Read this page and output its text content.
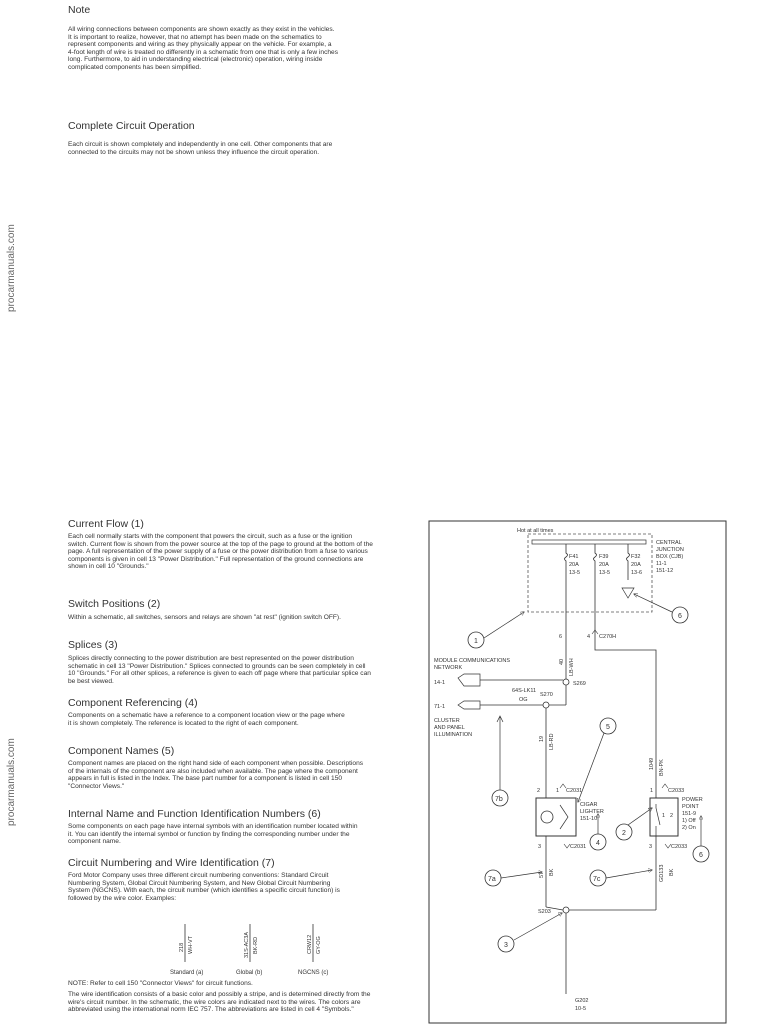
procarmanuals.com
procarmanuals.com
Note
All wiring connections between components are shown exactly as they exist in the vehicles. It is important to realize, however, that no attempt has been made on the schematics to represent components and wiring as they physically appear on the vehicle. For example, a 4-foot length of wire is treated no differently in a schematic from one that is only a few inches long. Furthermore, to aid in understanding electrical (electronic) operation, wiring inside complicated components has been simplified.
Complete Circuit Operation
Each circuit is shown completely and independently in one cell. Other components that are connected to the circuits may not be shown unless they influence the circuit operation.
Current Flow (1)
Each cell normally starts with the component that powers the circuit, such as a fuse or the ignition switch. Current flow is shown from the power source at the top of the page to ground at the bottom of the page. A full representation of the power supply of a fuse or the power distribution from a fuse to various components is given in cell 13 "Power Distribution." Full representation of the ground connections are shown in cell 10 "Grounds."
Switch Positions (2)
Within a schematic, all switches, sensors and relays are shown "at rest" (ignition switch OFF).
Splices (3)
Splices directly connecting to the power distribution are best represented on the power distribution schematic in cell 13 "Power Distribution." Splices connected to grounds can be seen completely in cell 10 "Grounds." For all other splices, a reference is given to each off page where that particular splice can be best viewed.
Component Referencing (4)
Components on a schematic have a reference to a component location view or the page where it is shown completely. The reference is located to the right of each component.
Component Names (5)
Component names are placed on the right hand side of each component when possible. Descriptions of the internals of the component are also included when available. The page where the component appears in full is listed in the Index. The base part number for a component is listed in cell 150 "Connector Views."
Internal Name and Function Identification Numbers (6)
Some components on each page have internal symbols with an identification number located within it. You can identify the internal symbol or function by finding the corresponding number under the component name.
Circuit Numbering and Wire Identification (7)
Ford Motor Company uses three different circuit numbering conventions: Standard Circuit Numbering System, Global Circuit Numbering System, and New Global Circuit Numbering System (NGCNS). With each, the circuit number (which identifies a specific circuit function) is followed by the wire color. Examples:
218 WH-VT
Standard (a)
31S-AC3A BK-RD
Global (b)
CRW12 GY-OG
NGCNS (c)
NOTE: Refer to cell 150 "Connector Views" for circuit functions.
The wire identification consists of a basic color and possibly a stripe, and is determined directly from the wire's circuit number. In the schematic, the wire colors are indicated next to the wires. The colors are abbreviated using the international norm IEC 757. The abbreviations are listed in cell 4 "Symbols."
Hot at all times
CENTRAL
JUNCTION
BOX (CJB)
11-1
151-12
F41
20A
13-5
F39
20A
13-5
F32
20A
13-6
6	4 C270H
40 LB-WH
MODULE COMMUNICATIONS
NETWORK
14-1	S269
S270
71-1
64S-LK11
OG
CLUSTER
AND PANEL
ILLUMINATION
19 LB-RD
2	1 C2031
CIGAR
LIGHTER
151-10
3	C2031
57 BK
1049 BN-PK
1	C2033
1 2
POWER
POINT
151-9
1) Off
2) On
3	C2033
GD133 BK
S203
G202
10-5
1
2
3
4
5
6
6
7a
7b
7c
